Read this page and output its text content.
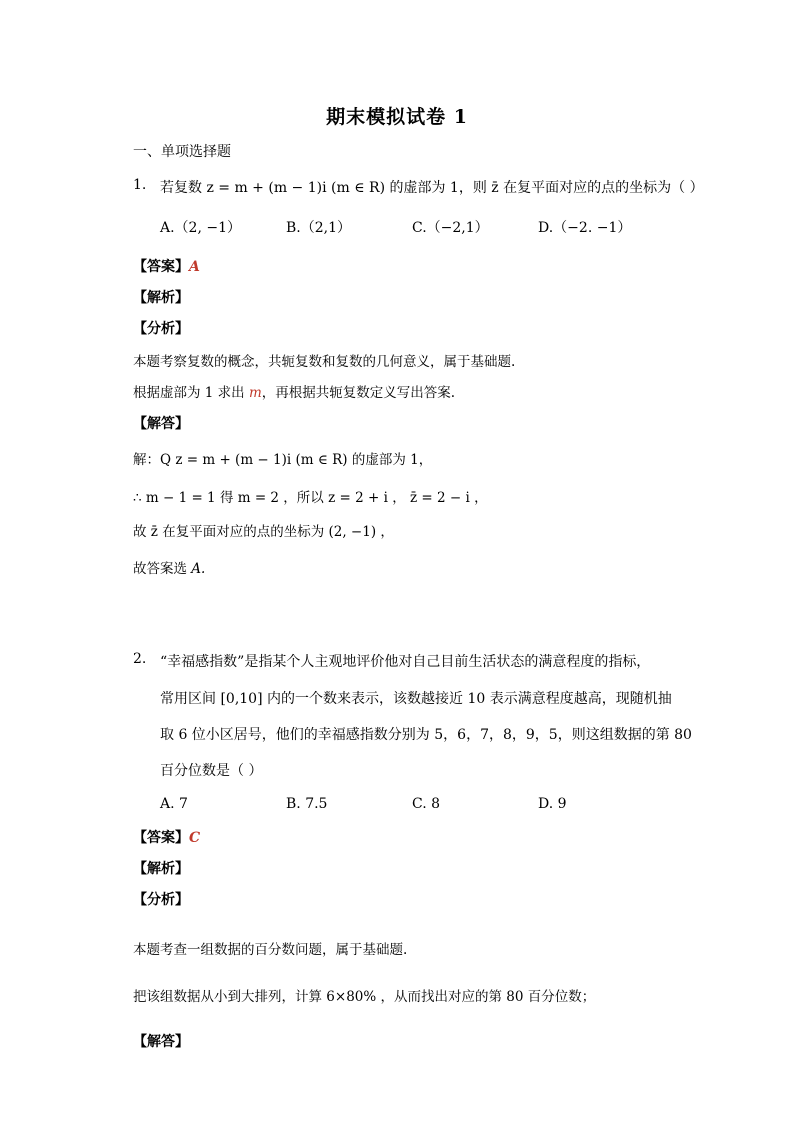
期末模拟试卷 1
一、单项选择题
1. 若复数 z = m + (m − 1)i (m ∈ R) 的虚部为 1，则 z̄ 在复平面对应的点的坐标为（ ）
A.（2, −1）	B.（2,1）	C.（−2,1）	D.（−2. −1）
【答案】A
【解析】
【分析】
本题考察复数的概念，共轭复数和复数的几何意义，属于基础题.
根据虚部为 1 求出 m，再根据共轭复数定义写出答案.
【解答】
解：Q z = m + (m − 1)i (m ∈ R) 的虚部为 1，
∴ m − 1 = 1 得 m = 2 ，所以 z = 2 + i ， z̄ = 2 − i ，
故 z̄ 在复平面对应的点的坐标为 (2, −1) ，
故答案选 A.
2. “幸福感指数”是指某个人主观地评价他对自己目前生活状态的满意程度的指标，
常用区间 [0,10] 内的一个数来表示，该数越接近 10 表示满意程度越高，现随机抽
取 6 位小区居号，他们的幸福感指数分别为 5，6，7，8，9，5，则这组数据的第 80
百分位数是（ ）
A. 7	B. 7.5	C. 8	D. 9
【答案】C
【解析】
【分析】
本题考查一组数据的百分数问题，属于基础题.
把该组数据从小到大排列，计算 6×80% ，从而找出对应的第 80 百分位数；
【解答】
